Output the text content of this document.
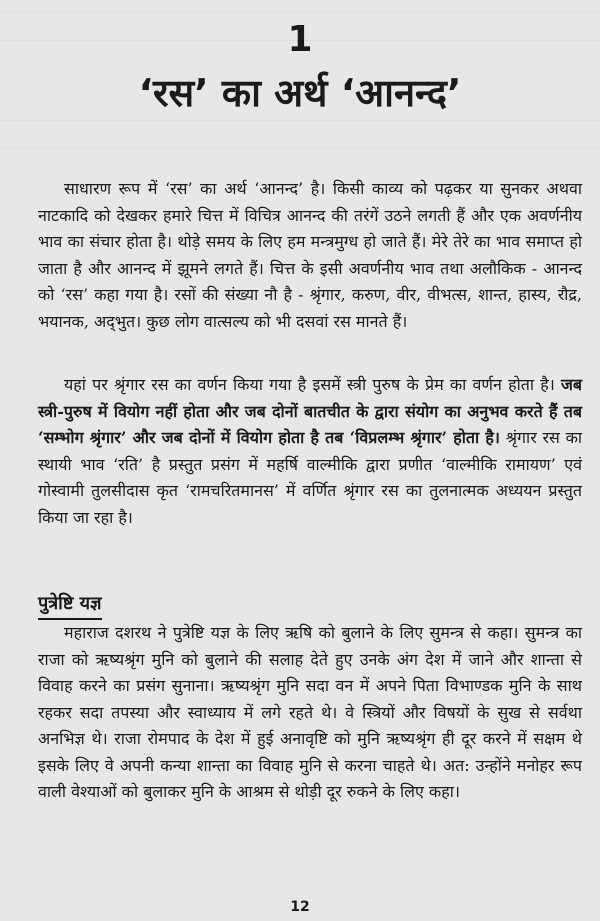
1
‘रस’ का अर्थ ‘आनन्द’

साधारण रूप में ‘रस’ का अर्थ ‘आनन्द’ है। किसी काव्य को पढ़कर या सुनकर अथवा नाटकादि को देखकर हमारे चित्त में विचित्र आनन्द की तरंगें उठने लगती हैं और एक अवर्णनीय भाव का संचार होता है। थोड़े समय के लिए हम मन्त्रमुग्ध हो जाते हैं। मेरे तेरे का भाव समाप्त हो जाता है और आनन्द में झूमने लगते हैं। चित्त के इसी अवर्णनीय भाव तथा अलौकिक - आनन्द को ‘रस’ कहा गया है। रसों की संख्या नौ है - श्रृंगार, करुण, वीर, वीभत्स, शान्त, हास्य, रौद्र, भयानक, अद्‌भुत। कुछ लोग वात्सल्य को भी दसवां रस मानते हैं।

यहां पर श्रृंगार रस का वर्णन किया गया है इसमें स्त्री पुरुष के प्रेम का वर्णन होता है। जब स्त्री-पुरुष में वियोग नहीं होता और जब दोनों बातचीत के द्वारा संयोग का अनुभव करते हैं तब ‘सम्भोग श्रृंगार’ और जब दोनों में वियोग होता है तब ‘विप्रलम्भ श्रृंगार’ होता है। श्रृंगार रस का स्थायी भाव ‘रति’ है प्रस्तुत प्रसंग में महर्षि वाल्मीकि द्वारा प्रणीत ‘वाल्मीकि रामायण’ एवं गोस्वामी तुलसीदास कृत ‘रामचरितमानस’ में वर्णित श्रृंगार रस का तुलनात्मक अध्ययन प्रस्तुत किया जा रहा है।

पुत्रेष्टि यज्ञ

महाराज दशरथ ने पुत्रेष्टि यज्ञ के लिए ऋषि को बुलाने के लिए सुमन्त्र से कहा। सुमन्त्र का राजा को ऋष्यश्रृंग मुनि को बुलाने की सलाह देते हुए उनके अंग देश में जाने और शान्ता से विवाह करने का प्रसंग सुनाना। ऋष्यश्रृंग मुनि सदा वन में अपने पिता विभाण्डक मुनि के साथ रहकर सदा तपस्या और स्वाध्याय में लगे रहते थे। वे स्त्रियों और विषयों के सुख से सर्वथा अनभिज्ञ थे। राजा रोमपाद के देश में हुई अनावृष्टि को मुनि ऋष्यश्रृंग ही दूर करने में सक्षम थे इसके लिए वे अपनी कन्या शान्ता का विवाह मुनि से करना चाहते थे। अत: उन्होंने मनोहर रूप वाली वेश्याओं को बुलाकर मुनि के आश्रम से थोड़ी दूर रुकने के लिए कहा।

12
